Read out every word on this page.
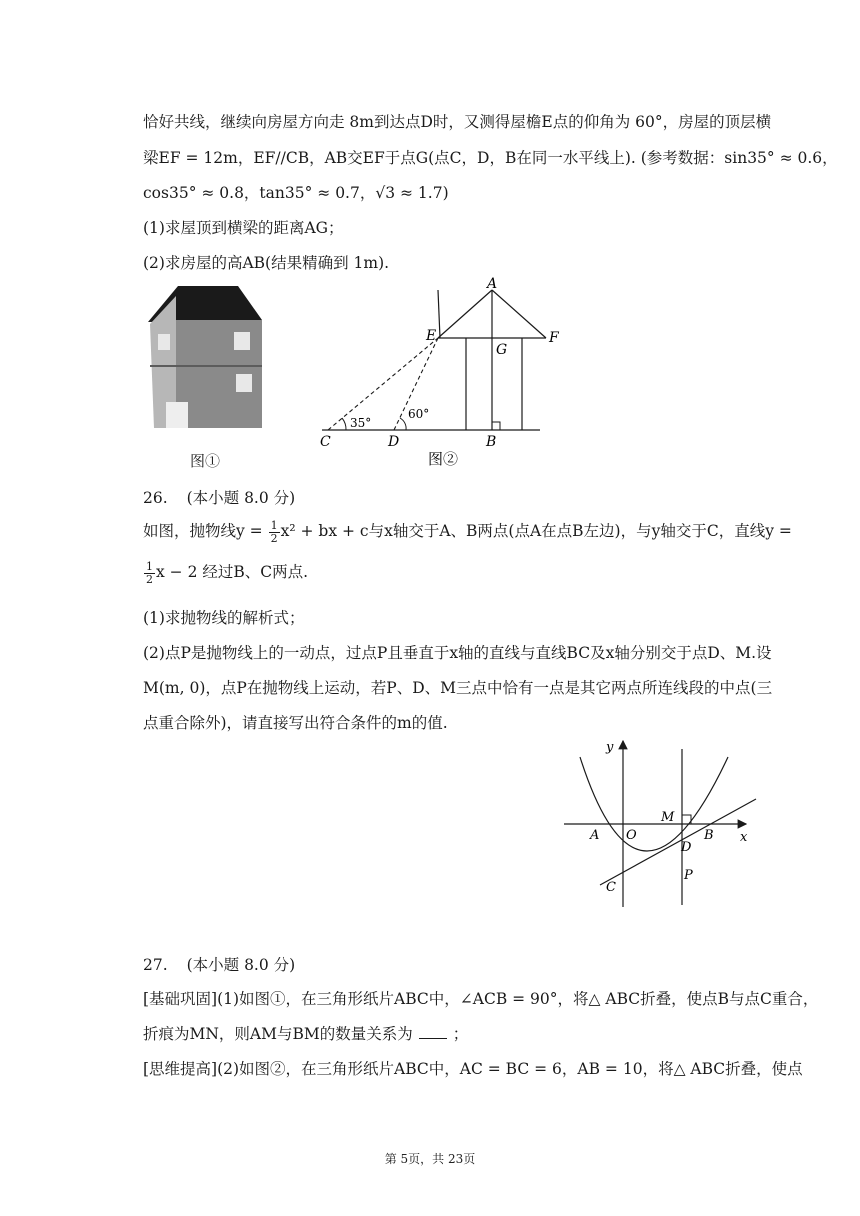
恰好共线，继续向房屋方向走 8m到达点D时，又测得屋檐E点的仰角为 60°，房屋的顶层横
梁EF = 12m，EF//CB，AB交EF于点G(点C，D，B在同一水平线上). (参考数据：sin35° ≈ 0.6，
cos35° ≈ 0.8，tan35° ≈ 0.7，√3 ≈ 1.7)
(1)求屋顶到横梁的距离AG；
(2)求房屋的高AB(结果精确到 1m).
图①
A
E	F
G
C	D	B
35°
60°
图②
26. (本小题 8.0 分)
如图，抛物线$y = \frac{1}{2} x^2$ + bx + c与x轴交于A、B两点(点A在点B左边)，与y轴交于C，直线y =
$\frac{1}{2}$ x − 2 经过B、C两点.
(1)求抛物线的解析式；
(2)点P是抛物线上的一动点，过点P且垂直于x轴的直线与直线BC及x轴分别交于点D、M.设
M(m, 0)，点P在抛物线上运动，若P、D、M三点中恰有一点是其它两点所连线段的中点(三
点重合除外)，请直接写出符合条件的m的值.
y
x
M
A O	B
D
C
P
27. (本小题 8.0 分)
[基础巩固](1)如图①，在三角形纸片ABC中，∠ACB = 90°，将△ ABC折叠，使点B与点C重合，
折痕为MN，则AM与BM的数量关系为	；
[思维提高](2)如图②，在三角形纸片ABC中，AC = BC = 6，AB = 10，将△ ABC折叠，使点
第 5页，共 23页
